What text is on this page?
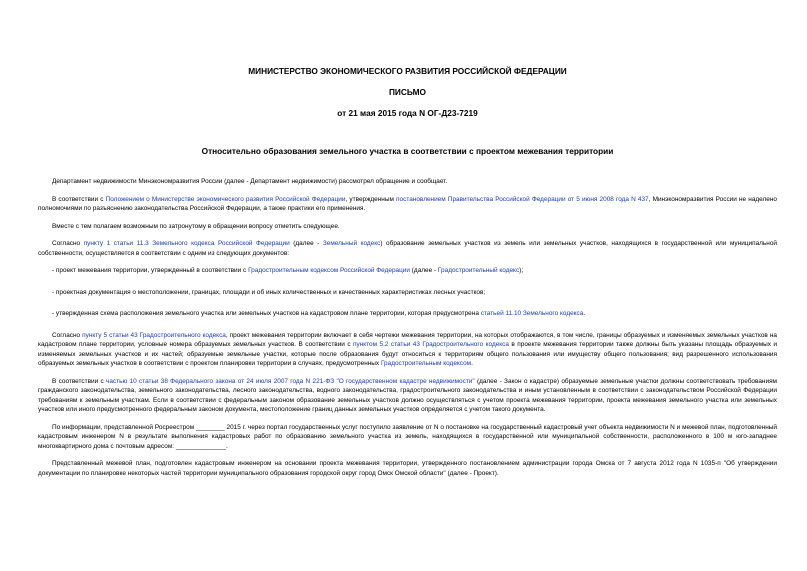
МИНИСТЕРСТВО ЭКОНОМИЧЕСКОГО РАЗВИТИЯ РОССИЙСКОЙ ФЕДЕРАЦИИ
ПИСЬМО
от 21 мая 2015 года N ОГ-Д23-7219
Относительно образования земельного участка в соответствии с проектом межевания территории

Департамент недвижимости Минэкономразвития России (далее - Департамент недвижимости) рассмотрел обращение и сообщает.

В соответствии с Положением о Министерстве экономического развития Российской Федерации, утвержденным постановлением Правительства Российской Федерации от 5 июня 2008 года N 437, Минэкономразвития России не наделено полномочиями по разъяснению законодательства Российской Федерации, а также практики его применения.

Вместе с тем полагаем возможным по затронутому в обращении вопросу отметить следующее.

Согласно пункту 1 статьи 11.3 Земельного кодекса Российской Федерации (далее - Земельный кодекс) образование земельных участков из земель или земельных участков, находящихся в государственной или муниципальной собственности, осуществляется в соответствии с одним из следующих документов:

- проект межевания территории, утвержденный в соответствии с Градостроительным кодексом Российской Федерации (далее - Градостроительный кодекс);

- проектная документация о местоположении, границах, площади и об иных количественных и качественных характеристиках лесных участков;

- утвержденная схема расположения земельного участка или земельных участков на кадастровом плане территории, которая предусмотрена статьей 11.10 Земельного кодекса.

Согласно пункту 5 статьи 43 Градостроительного кодекса, проект межевания территории включает в себя чертежи межевания территории, на которых отображаются, в том числе, границы образуемых и изменяемых земельных участков на кадастровом плане территории, условные номера образуемых земельных участков. В соответствии с пунктом 5.2 статьи 43 Градостроительного кодекса в проекте межевания территории также должны быть указаны площадь образуемых и изменяемых земельных участков и их частей; образуемые земельные участки, которые после образования будут относиться к территориям общего пользования или имуществу общего пользования; вид разрешенного использования образуемых земельных участков в соответствии с проектом планировки территории в случаях, предусмотренных Градостроительным кодексом.

В соответствии с частью 10 статьи 38 Федерального закона от 24 июля 2007 года N 221-ФЗ "О государственном кадастре недвижимости" (далее - Закон о кадастре) образуемые земельные участки должны соответствовать требованиям гражданского законодательства, земельного законодательства, лесного законодательства, водного законодательства, градостроительного законодательства и иным установленным в соответствии с законодательством Российской Федерации требованиям к земельным участкам. Если в соответствии с федеральным законом образование земельных участков должно осуществляться с учетом проекта межевания территории, проекта межевания земельного участка или земельных участков или иного предусмотренного федеральным законом документа, местоположение границ данных земельных участков определяется с учетом такого документа.

По информации, представленной Росреестром ________ 2015 г. через портал государственных услуг поступило заявление от N о постановке на государственный кадастровый учет объекта недвижимости N и межевой план, подготовленный кадастровым инженером N в результате выполнения кадастровых работ по образованию земельного участка из земель, находящихся в государственной или муниципальной собственности, расположенного в 100 м юго-западнее многоквартирного дома с почтовым адресом: ______________.

Представленный межевой план, подготовлен кадастровым инженером на основании проекта межевания территории, утвержденного постановлением администрации города Омска от 7 августа 2012 года N 1035-п "Об утверждении документации по планировке некоторых частей территории муниципального образования городской округ город Омск Омской области" (далее - Проект).
